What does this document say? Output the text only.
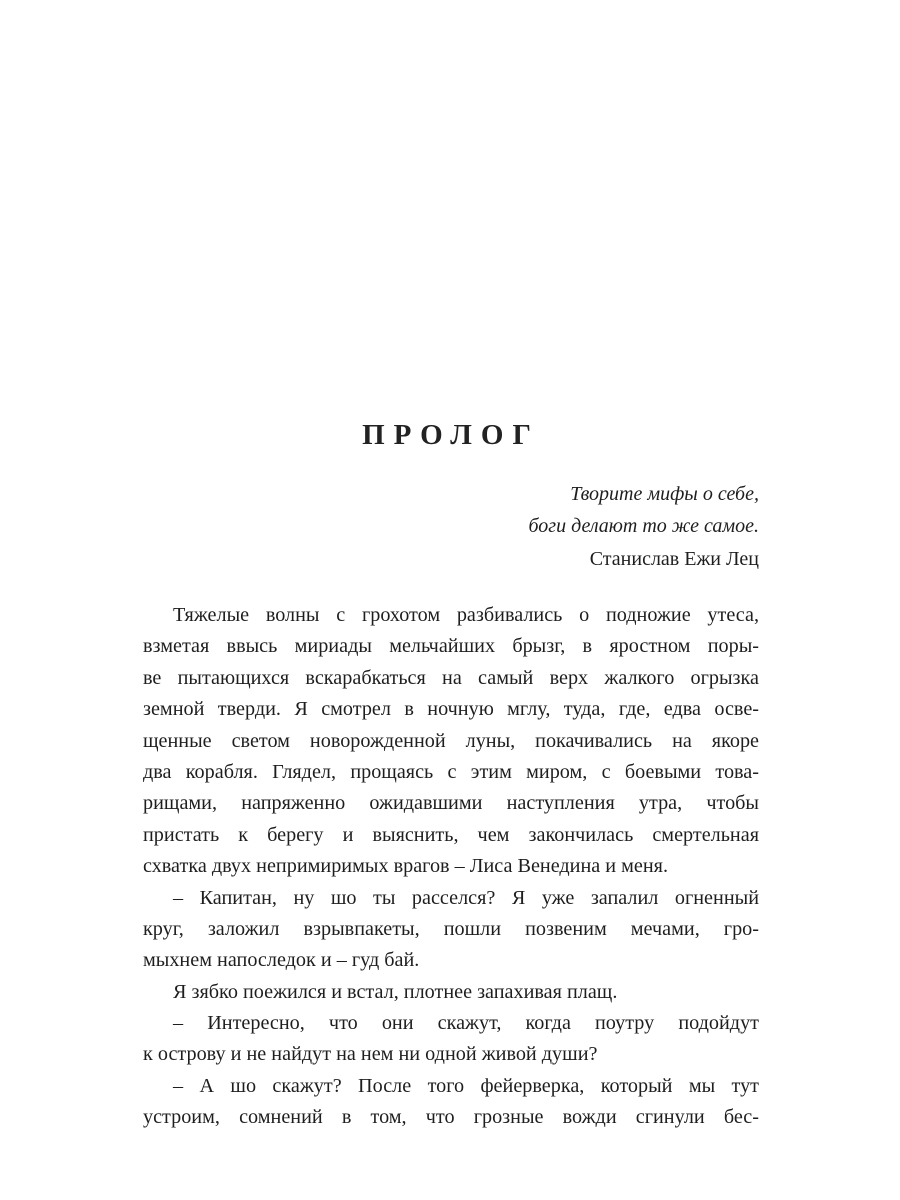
ПРОЛОГ
Творите мифы о себе,
боги делают то же самое.
Станислав Ежи Лец
Тяжелые волны с грохотом разбивались о подножие утеса,
взметая ввысь мириады мельчайших брызг, в яростном поры-
ве пытающихся вскарабкаться на самый верх жалкого огрызка
земной тверди. Я смотрел в ночную мглу, туда, где, едва осве-
щенные светом новорожденной луны, покачивались на якоре
два корабля. Глядел, прощаясь с этим миром, с боевыми това-
рищами, напряженно ожидавшими наступления утра, чтобы
пристать к берегу и выяснить, чем закончилась смертельная
схватка двух непримиримых врагов – Лиса Венедина и меня.
– Капитан, ну шо ты расселся? Я уже запалил огненный
круг, заложил взрывпакеты, пошли позвеним мечами, гро-
мыхнем напоследок и – гуд бай.
Я зябко поежился и встал, плотнее запахивая плащ.
– Интересно, что они скажут, когда поутру подойдут
к острову и не найдут на нем ни одной живой души?
– А шо скажут? После того фейерверка, который мы тут
устроим, сомнений в том, что грозные вожди сгинули бес-
